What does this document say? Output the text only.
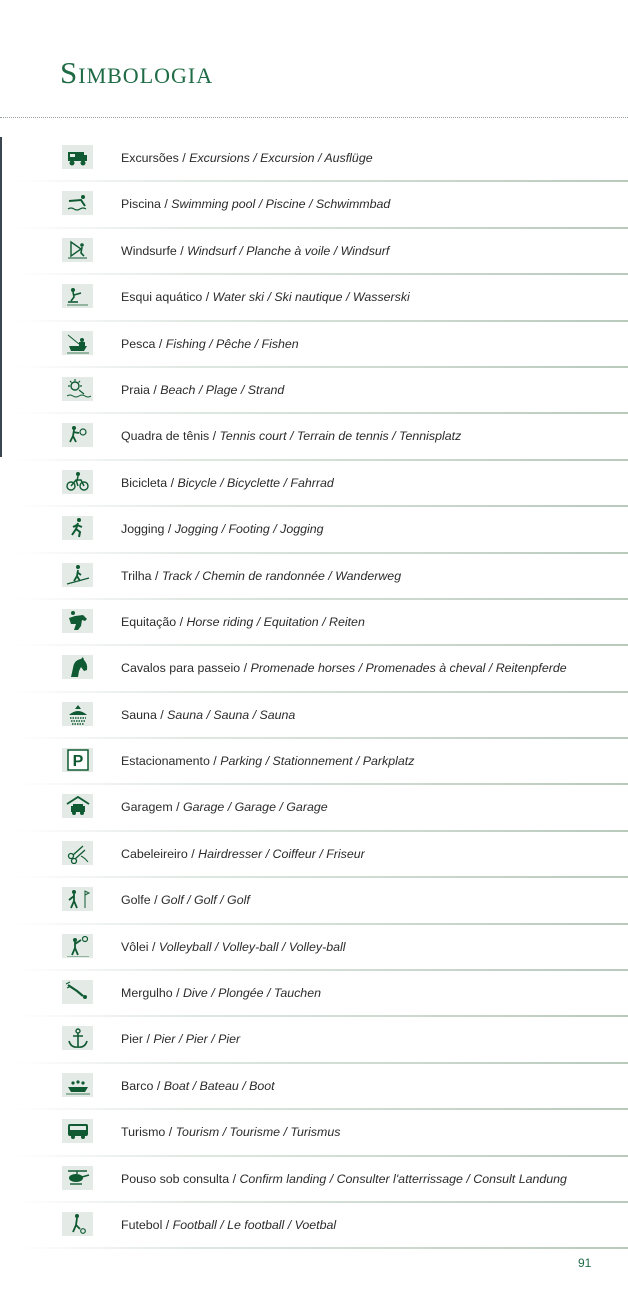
Simbologia
Excursões / Excursions / Excursion / Ausflüge
Piscina / Swimming pool / Piscine / Schwimmbad
Windsurfe / Windsurf / Planche à voile / Windsurf
Esqui aquático / Water ski / Ski nautique / Wasserski
Pesca / Fishing / Pêche / Fishen
Praia / Beach / Plage / Strand
Quadra de tênis / Tennis court / Terrain de tennis / Tennisplatz
Bicicleta / Bicycle / Bicyclette / Fahrrad
Jogging / Jogging / Footing / Jogging
Trilha / Track / Chemin de randonnée / Wanderweg
Equitação / Horse riding / Equitation / Reiten
Cavalos para passeio / Promenade horses / Promenades à cheval / Reitenpferde
Sauna / Sauna / Sauna / Sauna
P	Estacionamento / Parking / Stationnement / Parkplatz
Garagem / Garage / Garage / Garage
Cabeleireiro / Hairdresser / Coiffeur / Friseur
Golfe / Golf / Golf / Golf
Vôlei / Volleyball / Volley-ball / Volley-ball
Mergulho / Dive / Plongée / Tauchen
Pier / Pier / Pier / Pier
Barco / Boat / Bateau / Boot
Turismo / Tourism / Tourisme / Turismus
Pouso sob consulta / Confirm landing / Consulter l'atterrissage / Consult Landung
Futebol / Football / Le football / Voetbal
91
